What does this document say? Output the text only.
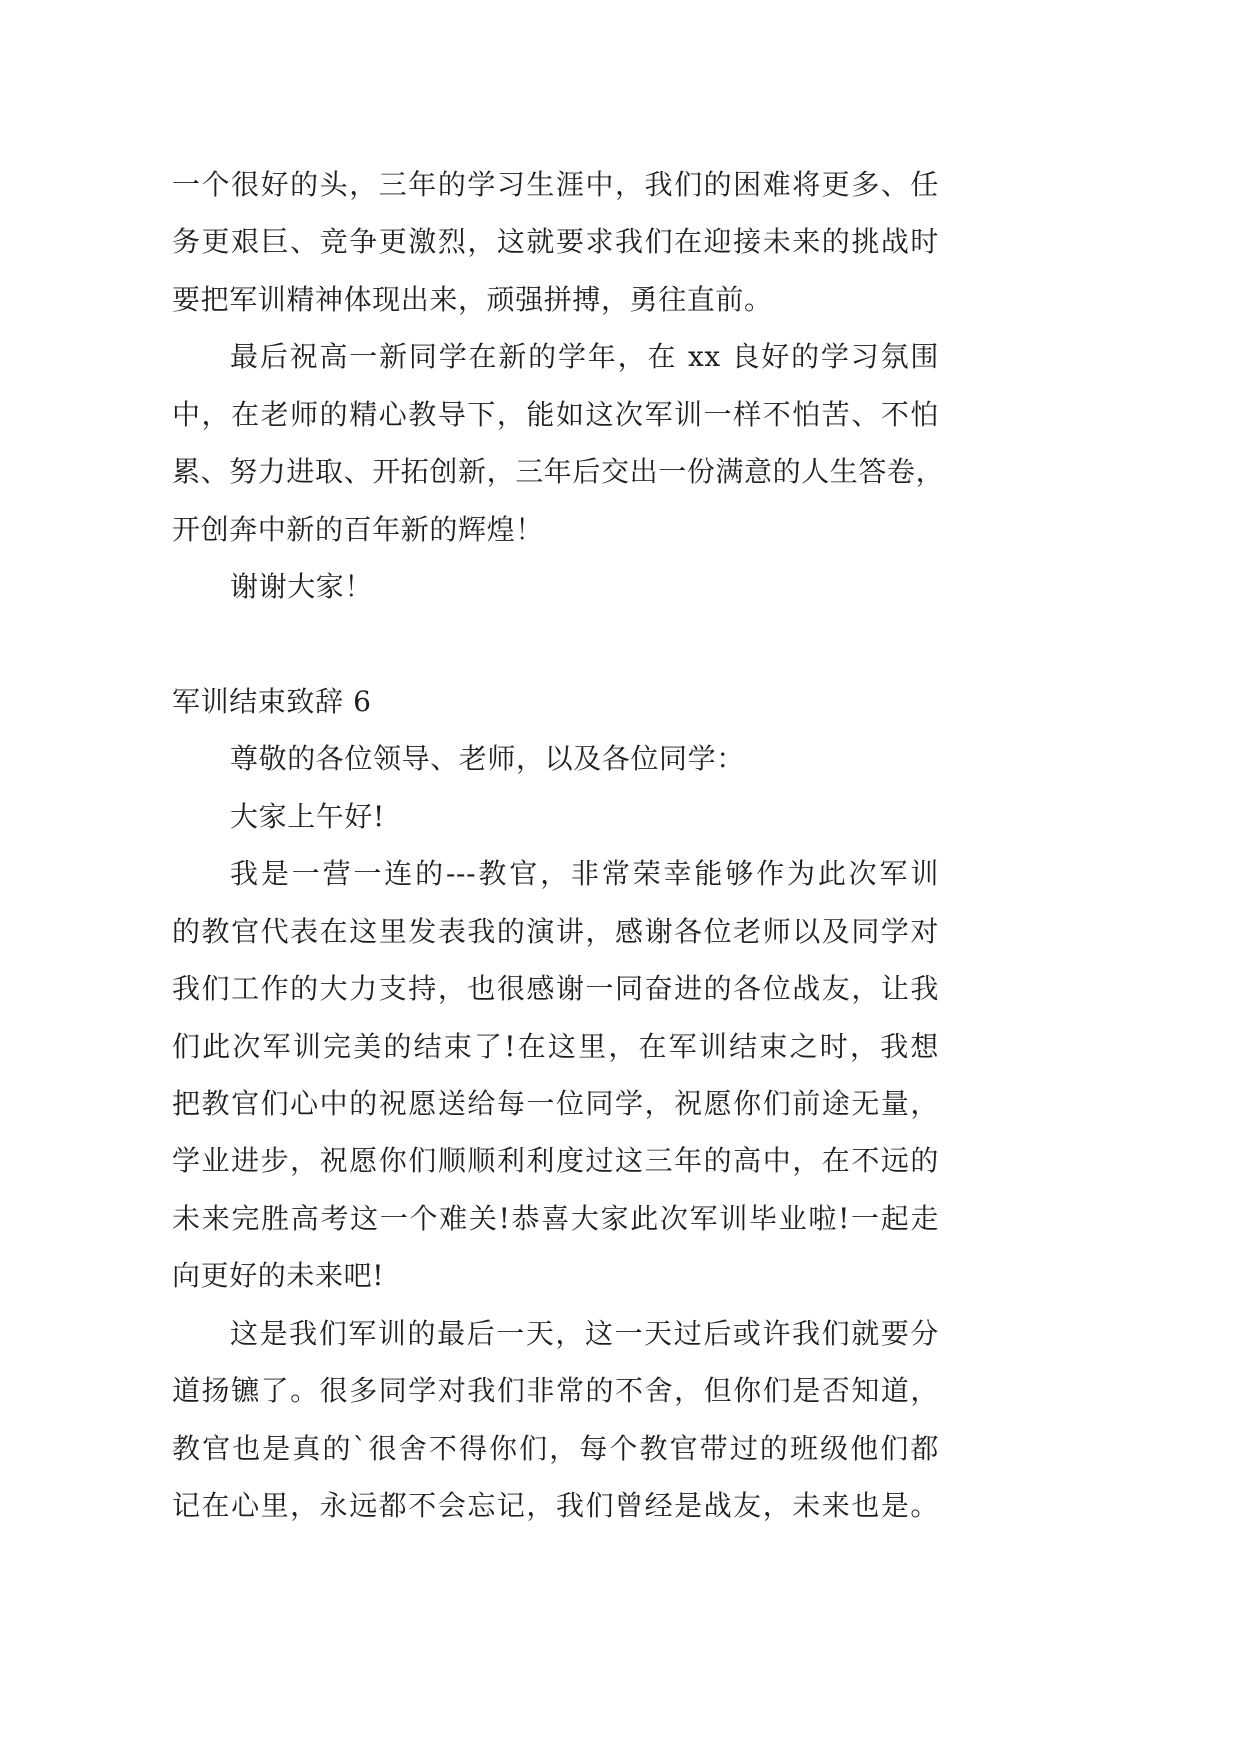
一个很好的头，三年的学习生涯中，我们的困难将更多、任
务更艰巨、竞争更激烈，这就要求我们在迎接未来的挑战时
要把军训精神体现出来，顽强拼搏，勇往直前。
最后祝高一新同学在新的学年，在 xx 良好的学习氛围
中，在老师的精心教导下，能如这次军训一样不怕苦、不怕
累、努力进取、开拓创新，三年后交出一份满意的人生答卷，
开创奔中新的百年新的辉煌！
谢谢大家！
军训结束致辞 6
尊敬的各位领导、老师，以及各位同学：
大家上午好!
我是一营一连的---教官，非常荣幸能够作为此次军训
的教官代表在这里发表我的演讲，感谢各位老师以及同学对
我们工作的大力支持，也很感谢一同奋进的各位战友，让我
们此次军训完美的结束了!在这里，在军训结束之时，我想
把教官们心中的祝愿送给每一位同学，祝愿你们前途无量，
学业进步，祝愿你们顺顺利利度过这三年的高中，在不远的
未来完胜高考这一个难关!恭喜大家此次军训毕业啦!一起走
向更好的未来吧!
这是我们军训的最后一天，这一天过后或许我们就要分
道扬镳了。很多同学对我们非常的不舍，但你们是否知道，
教官也是真的`很舍不得你们，每个教官带过的班级他们都
记在心里，永远都不会忘记，我们曾经是战友，未来也是。
